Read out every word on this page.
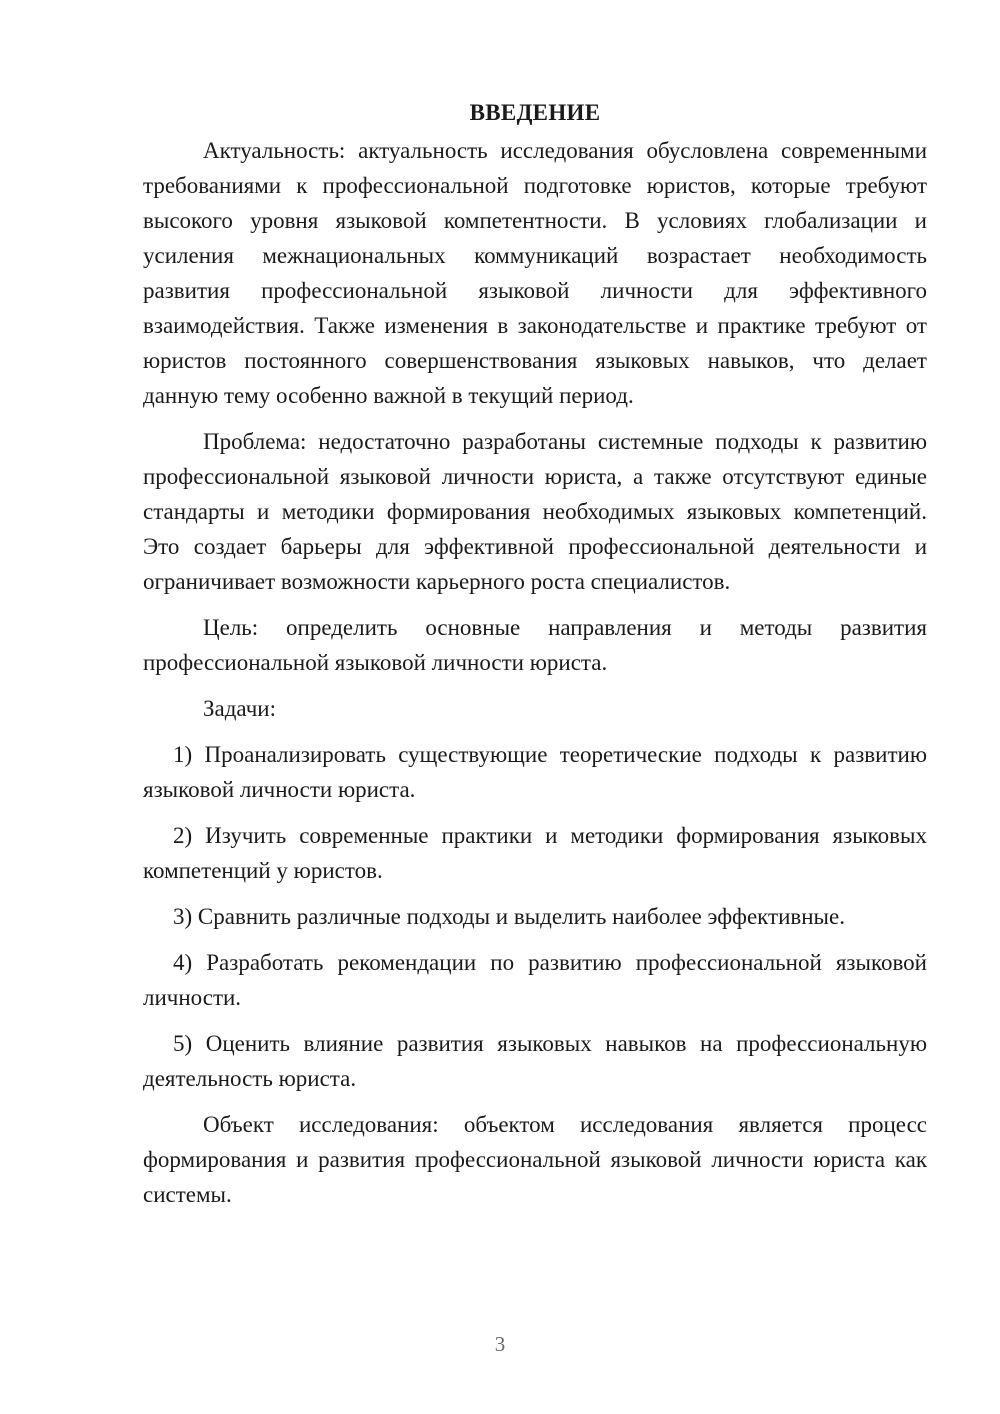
ВВЕДЕНИЕ

Актуальность: актуальность исследования обусловлена современными требованиями к профессиональной подготовке юристов, которые требуют высокого уровня языковой компетентности. В условиях глобализации и усиления межнациональных коммуникаций возрастает необходимость развития профессиональной языковой личности для эффективного взаимодействия. Также изменения в законодательстве и практике требуют от юристов постоянного совершенствования языковых навыков, что делает данную тему особенно важной в текущий период.

Проблема: недостаточно разработаны системные подходы к развитию профессиональной языковой личности юриста, а также отсутствуют единые стандарты и методики формирования необходимых языковых компетенций. Это создает барьеры для эффективной профессиональной деятельности и ограничивает возможности карьерного роста специалистов.

Цель: определить основные направления и методы развития профессиональной языковой личности юриста.

Задачи:

1) Проанализировать существующие теоретические подходы к развитию языковой личности юриста.

2) Изучить современные практики и методики формирования языковых компетенций у юристов.

3) Сравнить различные подходы и выделить наиболее эффективные.

4) Разработать рекомендации по развитию профессиональной языковой личности.

5) Оценить влияние развития языковых навыков на профессиональную деятельность юриста.

Объект исследования: объектом исследования является процесс формирования и развития профессиональной языковой личности юриста как системы.

3
